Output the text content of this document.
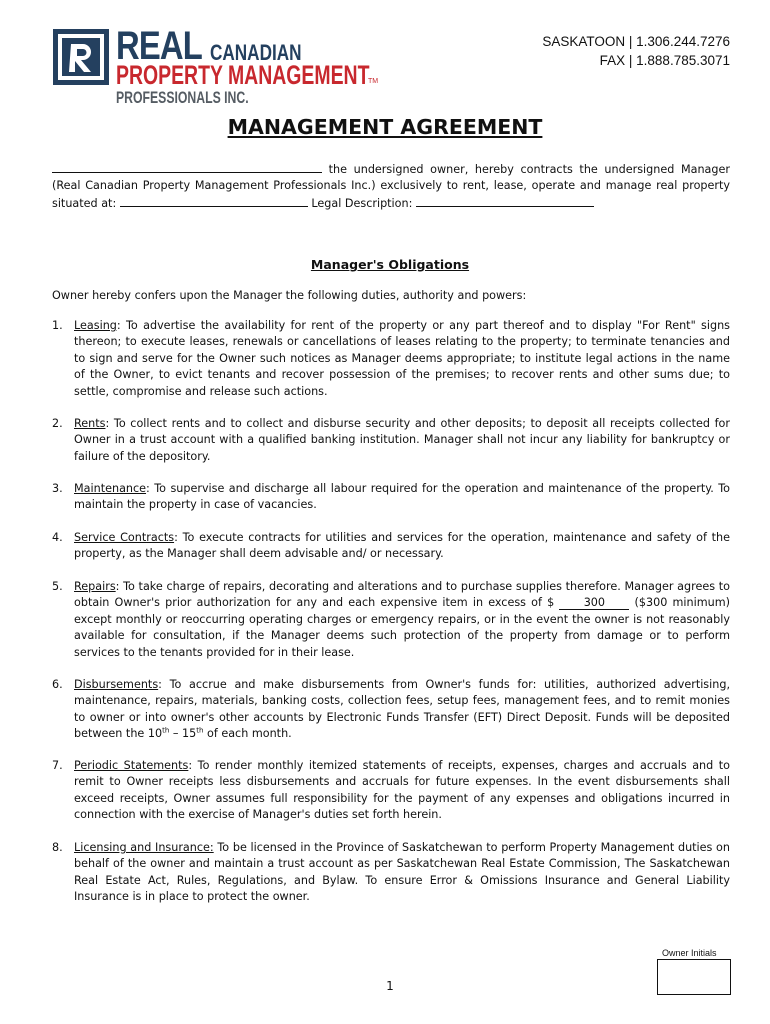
REAL CANADIAN
PROPERTY MANAGEMENT
TM
PROFESSIONALS INC.
SASKATOON | 1.306.244.7276
FAX | 1.888.785.3071
MANAGEMENT AGREEMENT
the undersigned owner, hereby contracts the undersigned Manager (Real Canadian Property Management Professionals Inc.) exclusively to rent, lease, operate and manage real property situated at:	Legal Description:
Manager's Obligations
Owner hereby confers upon the Manager the following duties, authority and powers:
1. Leasing: To advertise the availability for rent of the property or any part thereof and to display "For Rent" signs thereon; to execute leases, renewals or cancellations of leases relating to the property; to terminate tenancies and to sign and serve for the Owner such notices as Manager deems appropriate; to institute legal actions in the name of the Owner, to evict tenants and recover possession of the premises; to recover rents and other sums due; to settle, compromise and release such actions.
2. Rents: To collect rents and to collect and disburse security and other deposits; to deposit all receipts collected for Owner in a trust account with a qualified banking institution. Manager shall not incur any liability for bankruptcy or failure of the depository.
3. Maintenance: To supervise and discharge all labour required for the operation and maintenance of the property. To maintain the property in case of vacancies.
4. Service Contracts: To execute contracts for utilities and services for the operation, maintenance and safety of the property, as the Manager shall deem advisable and/ or necessary.
5. Repairs: To take charge of repairs, decorating and alterations and to purchase supplies therefore. Manager agrees to obtain Owner's prior authorization for any and each expensive item in excess of $	300	($300 minimum) except monthly or reoccurring operating charges or emergency repairs, or in the event the owner is not reasonably available for consultation, if the Manager deems such protection of the property from damage or to perform services to the tenants provided for in their lease.
6. Disbursements: To accrue and make disbursements from Owner's funds for: utilities, authorized advertising, maintenance, repairs, materials, banking costs, collection fees, setup fees, management fees, and to remit monies to owner or into owner's other accounts by Electronic Funds Transfer (EFT) Direct Deposit. Funds will be deposited between the 10th – 15th of each month.
7. Periodic Statements: To render monthly itemized statements of receipts, expenses, charges and accruals and to remit to Owner receipts less disbursements and accruals for future expenses. In the event disbursements shall exceed receipts, Owner assumes full responsibility for the payment of any expenses and obligations incurred in connection with the exercise of Manager's duties set forth herein.
8. Licensing and Insurance: To be licensed in the Province of Saskatchewan to perform Property Management duties on behalf of the owner and maintain a trust account as per Saskatchewan Real Estate Commission, The Saskatchewan Real Estate Act, Rules, Regulations, and Bylaw. To ensure Error & Omissions Insurance and General Liability Insurance is in place to protect the owner.
1
Owner Initials
